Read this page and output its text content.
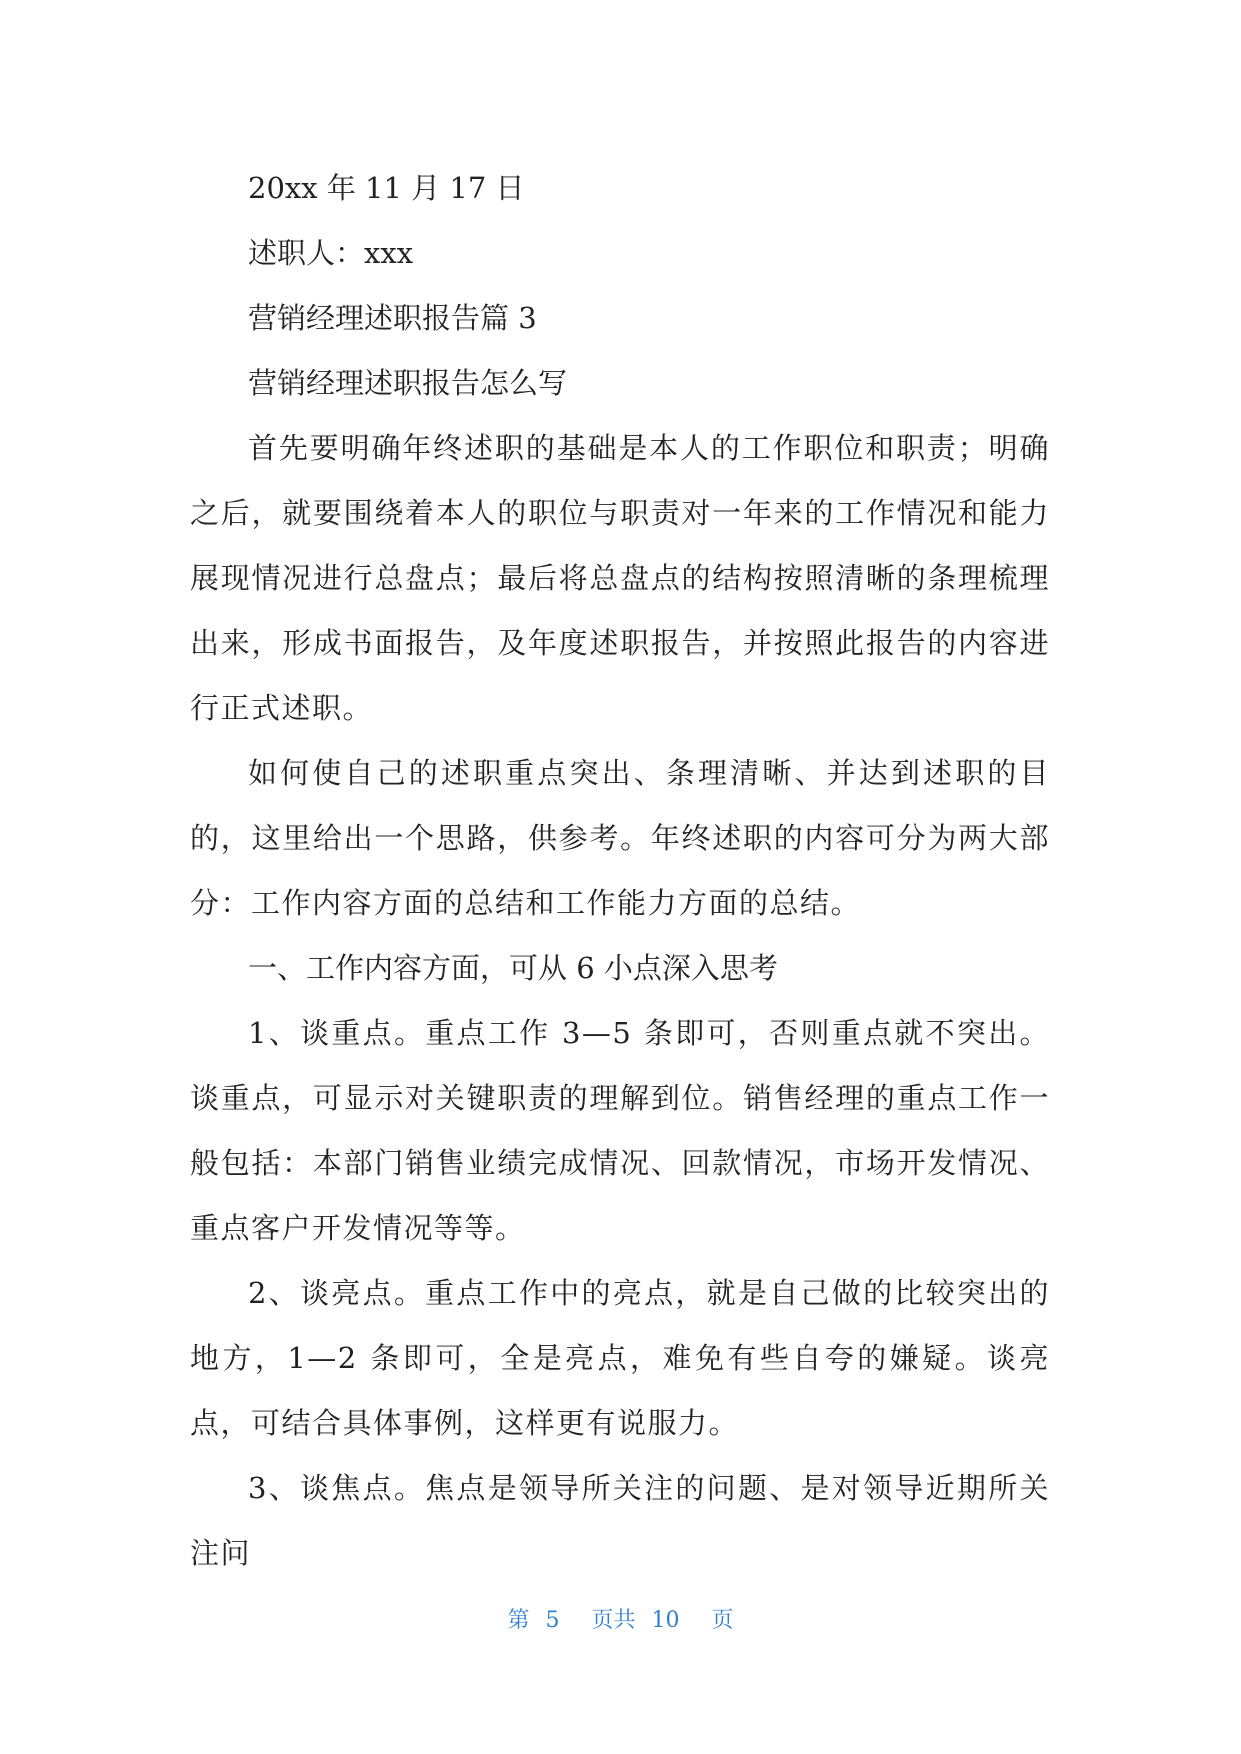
20xx 年 11 月 17 日

述职人：xxx

营销经理述职报告篇 3

营销经理述职报告怎么写

首先要明确年终述职的基础是本人的工作职位和职责；明确之后，就要围绕着本人的职位与职责对一年来的工作情况和能力展现情况进行总盘点；最后将总盘点的结构按照清晰的条理梳理出来，形成书面报告，及年度述职报告，并按照此报告的内容进行正式述职。

如何使自己的述职重点突出、条理清晰、并达到述职的目的，这里给出一个思路，供参考。年终述职的内容可分为两大部分：工作内容方面的总结和工作能力方面的总结。

一、工作内容方面，可从 6 小点深入思考

1、谈重点。重点工作 3—5 条即可，否则重点就不突出。谈重点，可显示对关键职责的理解到位。销售经理的重点工作一般包括：本部门销售业绩完成情况、回款情况，市场开发情况、重点客户开发情况等等。

2、谈亮点。重点工作中的亮点，就是自己做的比较突出的地方，1—2 条即可，全是亮点，难免有些自夸的嫌疑。谈亮点，可结合具体事例，这样更有说服力。

3、谈焦点。焦点是领导所关注的问题、是对领导近期所关注问

第 5 页共 10 页
